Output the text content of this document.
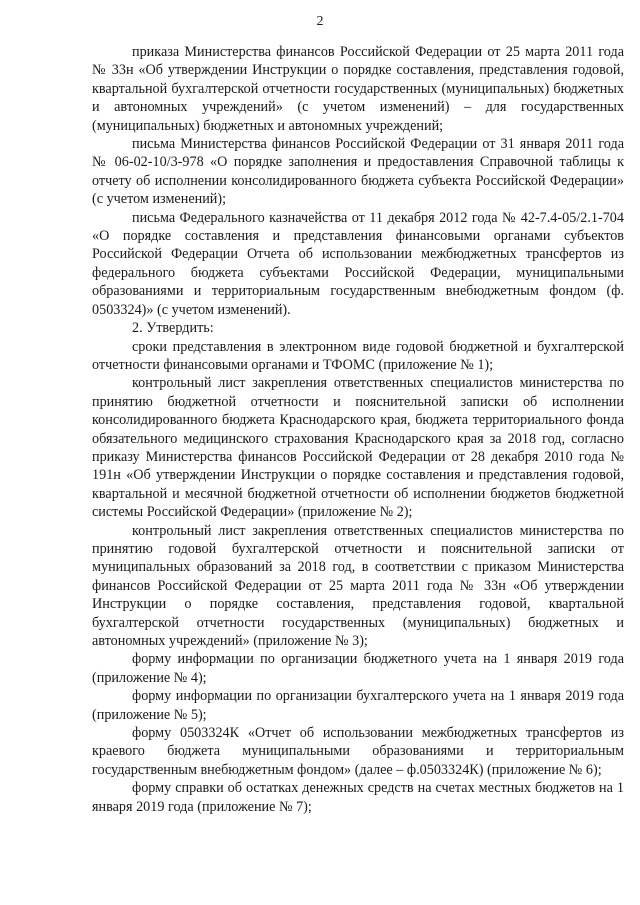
2

приказа Министерства финансов Российской Федерации от 25 марта 2011 года № 33н «Об утверждении Инструкции о порядке составления, представления годовой, квартальной бухгалтерской отчетности государственных (муниципальных) бюджетных и автономных учреждений» (с учетом изменений) – для государственных (муниципальных) бюджетных и автономных учреждений;

письма Министерства финансов Российской Федерации от 31 января 2011 года № 06-02-10/3-978 «О порядке заполнения и предоставления Справочной таблицы к отчету об исполнении консолидированного бюджета субъекта Российской Федерации» (с учетом изменений);

письма Федерального казначейства от 11 декабря 2012 года № 42-7.4-05/2.1-704 «О порядке составления и представления финансовыми органами субъектов Российской Федерации Отчета об использовании межбюджетных трансфертов из федерального бюджета субъектами Российской Федерации, муниципальными образованиями и территориальным государственным внебюджетным фондом (ф. 0503324)» (с учетом изменений).

2. Утвердить:

сроки представления в электронном виде годовой бюджетной и бухгалтерской отчетности финансовыми органами и ТФОМС (приложение № 1);

контрольный лист закрепления ответственных специалистов министерства по принятию бюджетной отчетности и пояснительной записки об исполнении консолидированного бюджета Краснодарского края, бюджета территориального фонда обязательного медицинского страхования Краснодарского края за 2018 год, согласно приказу Министерства финансов Российской Федерации от 28 декабря 2010 года № 191н «Об утверждении Инструкции о порядке составления и представления годовой, квартальной и месячной бюджетной отчетности об исполнении бюджетов бюджетной системы Российской Федерации» (приложение № 2);

контрольный лист закрепления ответственных специалистов министерства по принятию годовой бухгалтерской отчетности и пояснительной записки от муниципальных образований за 2018 год, в соответствии с приказом Министерства финансов Российской Федерации от 25 марта 2011 года № 33н «Об утверждении Инструкции о порядке составления, представления годовой, квартальной бухгалтерской отчетности государственных (муниципальных) бюджетных и автономных учреждений» (приложение № 3);

форму информации по организации бюджетного учета на 1 января 2019 года (приложение № 4);

форму информации по организации бухгалтерского учета на 1 января 2019 года (приложение № 5);

форму 0503324К «Отчет об использовании межбюджетных трансфертов из краевого бюджета муниципальными образованиями и территориальным государственным внебюджетным фондом» (далее – ф.0503324К) (приложение № 6);

форму справки об остатках денежных средств на счетах местных бюджетов на 1 января 2019 года (приложение № 7);
